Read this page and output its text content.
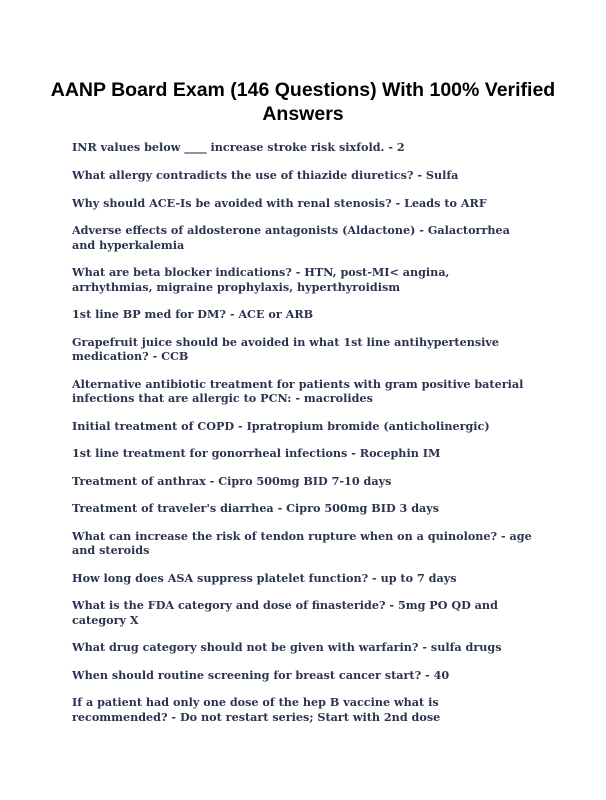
AANP Board Exam (146 Questions) With 100% Verified Answers
INR values below ____ increase stroke risk sixfold. - 2
What allergy contradicts the use of thiazide diuretics? - Sulfa
Why should ACE-Is be avoided with renal stenosis? - Leads to ARF
Adverse effects of aldosterone antagonists (Aldactone) - Galactorrhea and hyperkalemia
What are beta blocker indications? - HTN, post-MI< angina, arrhythmias, migraine prophylaxis, hyperthyroidism
1st line BP med for DM? - ACE or ARB
Grapefruit juice should be avoided in what 1st line antihypertensive medication? - CCB
Alternative antibiotic treatment for patients with gram positive baterial infections that are allergic to PCN: - macrolides
Initial treatment of COPD - Ipratropium bromide (anticholinergic)
1st line treatment for gonorrheal infections - Rocephin IM
Treatment of anthrax - Cipro 500mg BID 7-10 days
Treatment of traveler's diarrhea - Cipro 500mg BID 3 days
What can increase the risk of tendon rupture when on a quinolone? - age and steroids
How long does ASA suppress platelet function? - up to 7 days
What is the FDA category and dose of finasteride? - 5mg PO QD and category X
What drug category should not be given with warfarin? - sulfa drugs
When should routine screening for breast cancer start? - 40
If a patient had only one dose of the hep B vaccine what is recommended? - Do not restart series; Start with 2nd dose
